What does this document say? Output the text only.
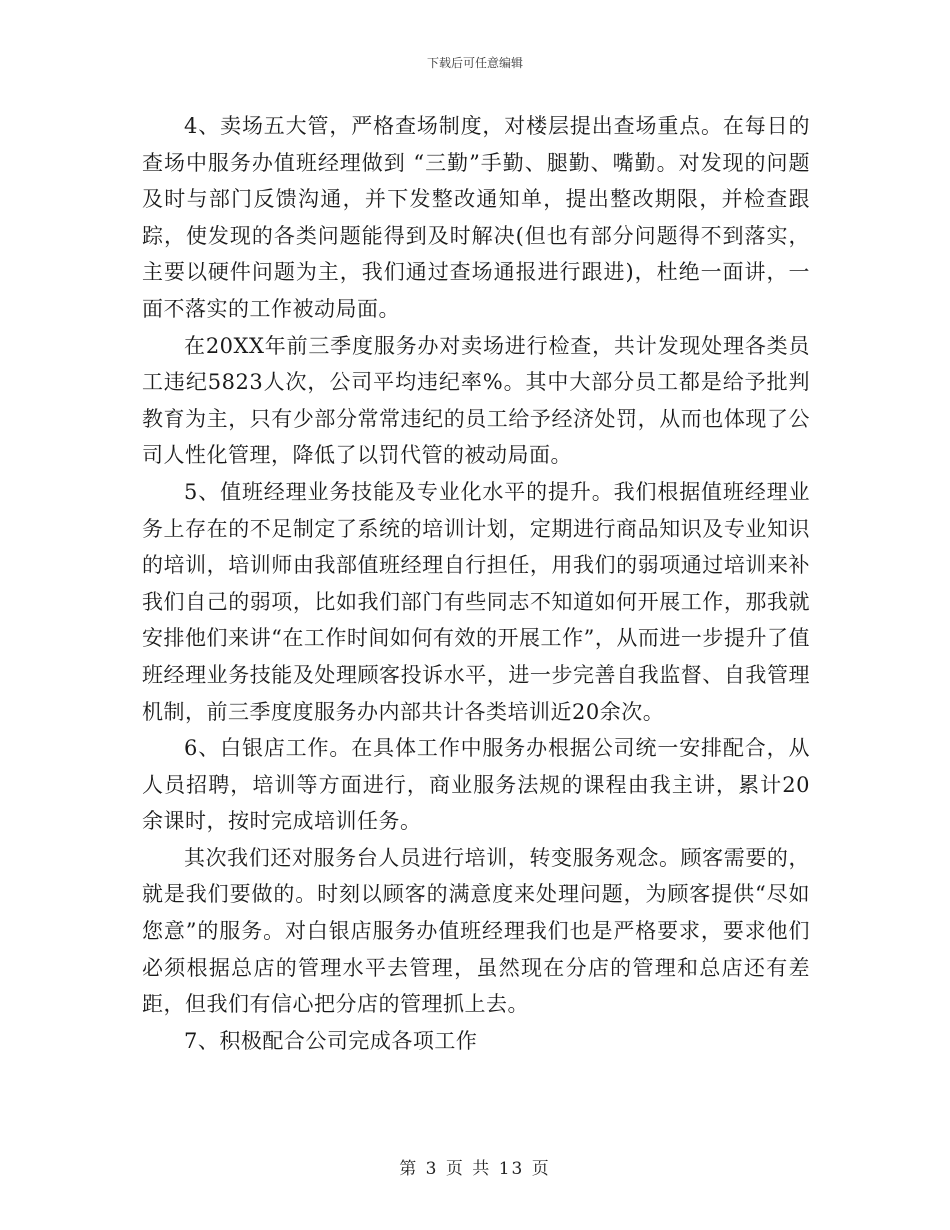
下载后可任意编辑

4、卖场五大管，严格查场制度，对楼层提出查场重点。在每日的查场中服务办值班经理做到 “三勤”手勤、腿勤、嘴勤。对发现的问题及时与部门反馈沟通，并下发整改通知单，提出整改期限，并检查跟踪，使发现的各类问题能得到及时解决(但也有部分问题得不到落实，主要以硬件问题为主，我们通过查场通报进行跟进)，杜绝一面讲，一面不落实的工作被动局面。

在20XX年前三季度服务办对卖场进行检查，共计发现处理各类员工违纪5823人次，公司平均违纪率%。其中大部分员工都是给予批判教育为主，只有少部分常常违纪的员工给予经济处罚，从而也体现了公司人性化管理，降低了以罚代管的被动局面。

5、值班经理业务技能及专业化水平的提升。我们根据值班经理业务上存在的不足制定了系统的培训计划，定期进行商品知识及专业知识的培训，培训师由我部值班经理自行担任，用我们的弱项通过培训来补我们自己的弱项，比如我们部门有些同志不知道如何开展工作，那我就安排他们来讲“在工作时间如何有效的开展工作”，从而进一步提升了值班经理业务技能及处理顾客投诉水平，进一步完善自我监督、自我管理机制，前三季度度服务办内部共计各类培训近20余次。

6、白银店工作。在具体工作中服务办根据公司统一安排配合，从人员招聘，培训等方面进行，商业服务法规的课程由我主讲，累计20余课时，按时完成培训任务。

其次我们还对服务台人员进行培训，转变服务观念。顾客需要的，就是我们要做的。时刻以顾客的满意度来处理问题，为顾客提供“尽如您意”的服务。对白银店服务办值班经理我们也是严格要求，要求他们必须根据总店的管理水平去管理，虽然现在分店的管理和总店还有差距，但我们有信心把分店的管理抓上去。

7、积极配合公司完成各项工作

第 3 页 共 13 页
